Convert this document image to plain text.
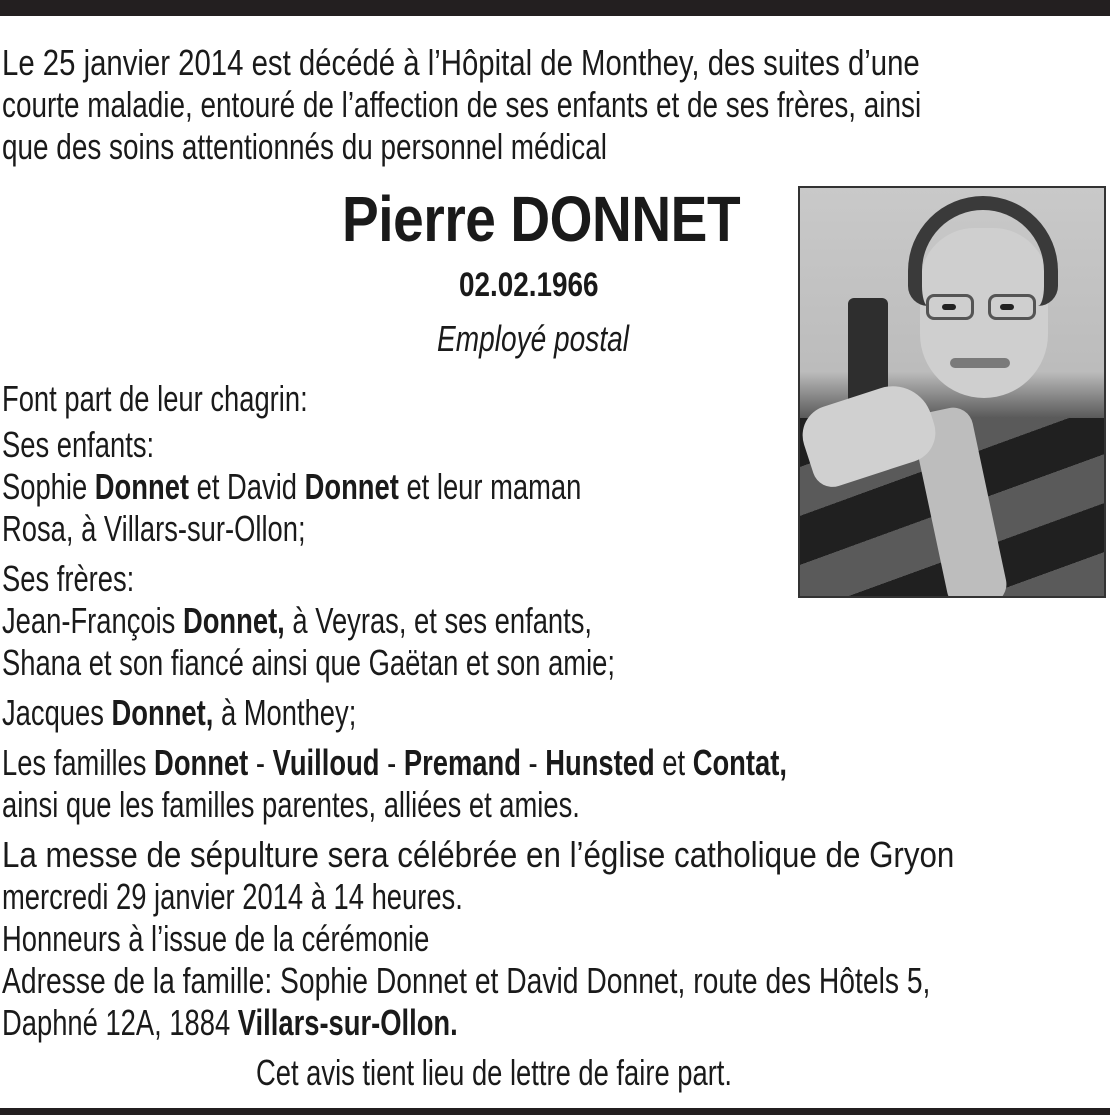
Le 25 janvier 2014 est décédé à l’Hôpital de Monthey, des suites d’une
courte maladie, entouré de l’affection de ses enfants et de ses frères, ainsi
que des soins attentionnés du personnel médical
Pierre DONNET
02.02.1966
Employé postal
Font part de leur chagrin:
Ses enfants:
Sophie Donnet et David Donnet et leur maman
Rosa, à Villars-sur-Ollon;
Ses frères:
Jean-François Donnet, à Veyras, et ses enfants,
Shana et son fiancé ainsi que Gaëtan et son amie;
Jacques Donnet, à Monthey;
Les familles Donnet - Vuilloud - Premand - Hunsted et Contat,
ainsi que les familles parentes, alliées et amies.
La messe de sépulture sera célébrée en l’église catholique de Gryon
mercredi 29 janvier 2014 à 14 heures.
Honneurs à l’issue de la cérémonie
Adresse de la famille: Sophie Donnet et David Donnet, route des Hôtels 5,
Daphné 12A, 1884 Villars-sur-Ollon.
Cet avis tient lieu de lettre de faire part.
